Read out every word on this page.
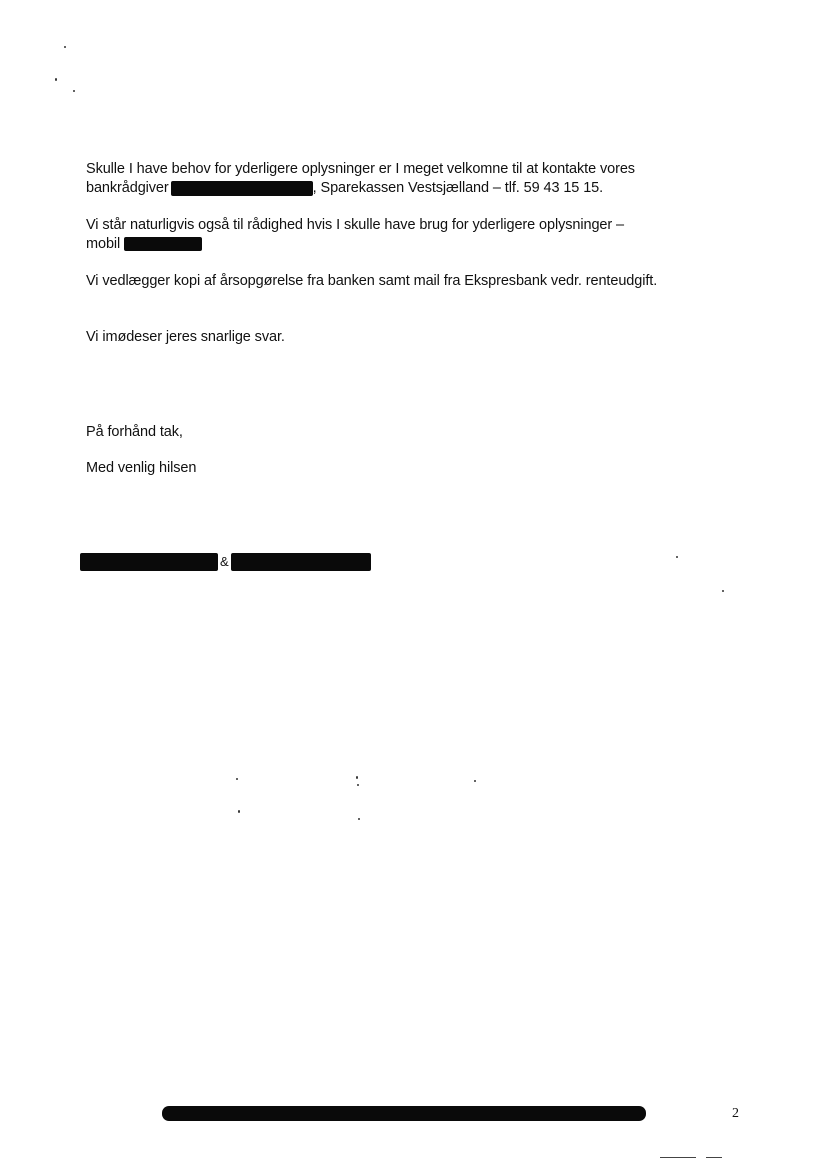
Skulle I have behov for yderligere oplysninger er I meget velkomne til at kontakte vores
bankrådgiver	, Sparekassen Vestsjælland – tlf. 59 43 15 15.
Vi står naturligvis også til rådighed hvis I skulle have brug for yderligere oplysninger –
mobil
Vi vedlægger kopi af årsopgørelse fra banken samt mail fra Ekspresbank vedr. renteudgift.
Vi imødeser jeres snarlige svar.
På forhånd tak,
Med venlig hilsen
&
2
